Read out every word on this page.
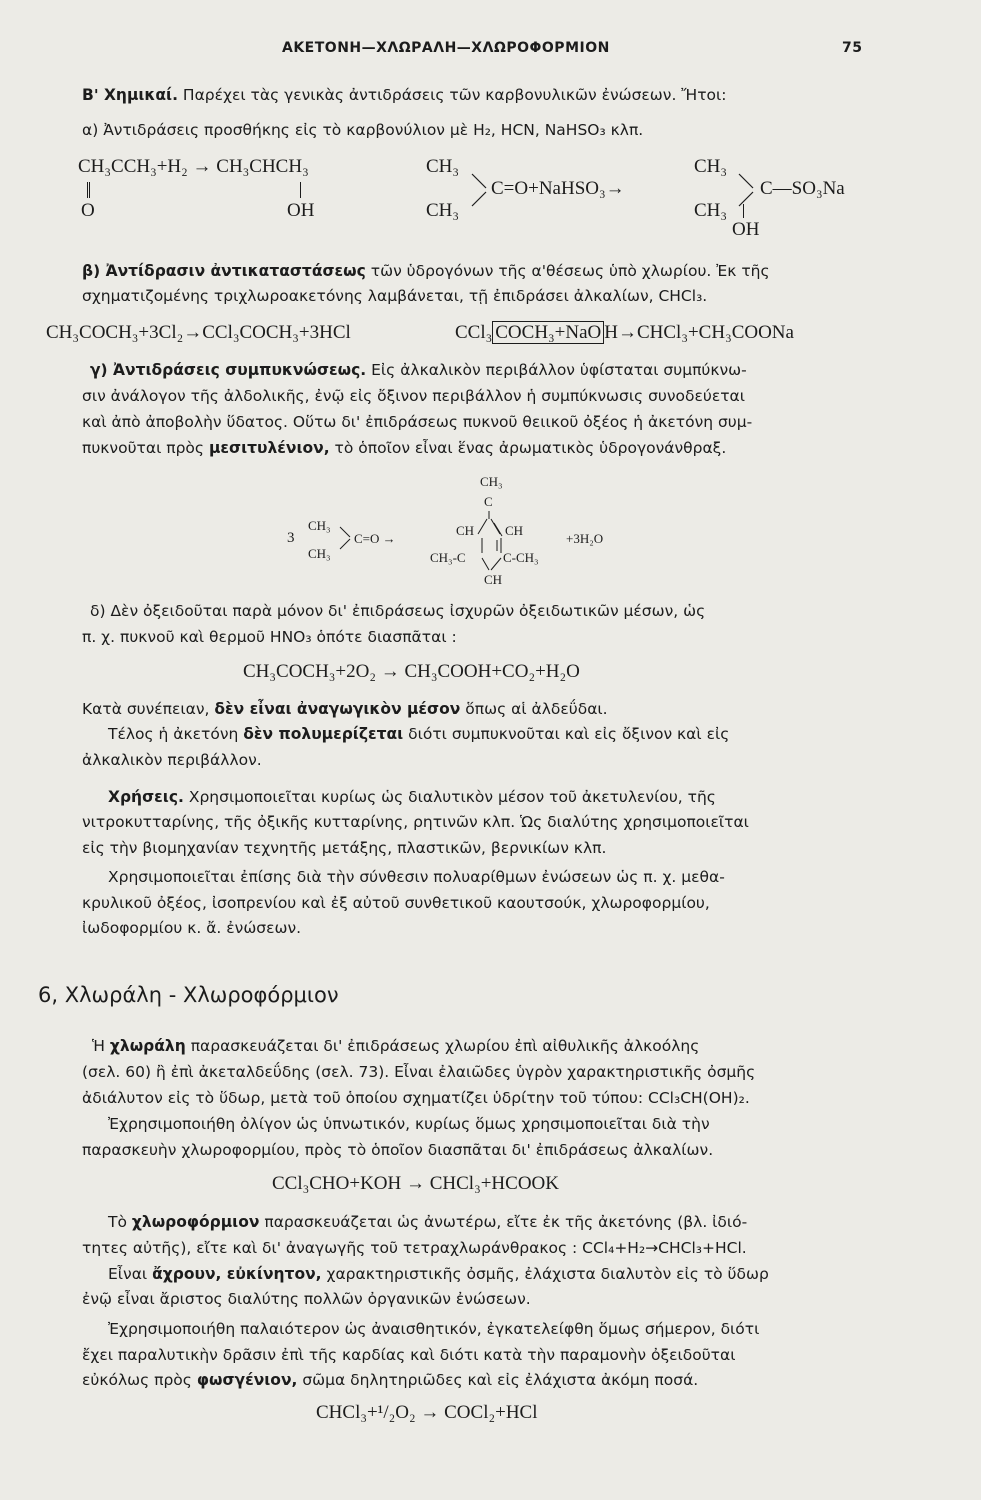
ΑΚΕΤΟΝΗ—ΧΛΩΡΑΛΗ—ΧΛΩΡΟΦΟΡΜΙΟΝ	75
Β' Χημικαί. Παρέχει τὰς γενικὰς ἀντιδράσεις τῶν καρβονυλικῶν ἐνώσεων. Ἤτοι:
α) Ἀντιδράσεις προσθήκης εἰς τὸ καρβονύλιον μὲ H₂, HCN, NaHSO₃ κλπ.
CH₃CCH₃+H₂ → CH₃CHCH₃
O	OH
CH₃
CH₃
C=O+NaHSO₃→
CH₃
CH₃
C—SO₃Na
OH
β) Ἀντίδρασιν ἀντικαταστάσεως τῶν ὑδρογόνων τῆς α'θέσεως ὑπὸ χλωρίου. Ἐκ τῆς
σχηματιζομένης τριχλωροακετόνης λαμβάνεται, τῇ ἐπιδράσει ἀλκαλίων, CHCl₃.
CH₃COCH₃+3Cl₂→CCl₃COCH₃+3HCl	CCl₃ COCH₃+NaO H→CHCl₃+CH₃COONa
γ) Ἀντιδράσεις συμπυκνώσεως. Εἰς ἀλκαλικὸν περιβάλλον ὑφίσταται συμπύκνω-
σιν ἀνάλογον τῆς ἀλδολικῆς, ἐνῷ εἰς ὄξινον περιβάλλον ἡ συμπύκνωσις συνοδεύεται
καὶ ἀπὸ ἀποβολὴν ὕδατος. Οὕτω δι' ἐπιδράσεως πυκνοῦ θειικοῦ ὀξέος ἡ ἀκετόνη συμ-
πυκνοῦται πρὸς μεσιτυλένιον, τὸ ὁποῖον εἶναι ἕνας ἀρωματικὸς ὑδρογονάνθραξ.
3
CH₃
CH₃
C=O →
CH₃
C
CH CH
CH₃-C	C-CH₃
CH
+3H₂O
δ) Δὲν ὀξειδοῦται παρὰ μόνον δι' ἐπιδράσεως ἰσχυρῶν ὀξειδωτικῶν μέσων, ὡς
π. χ. πυκνοῦ καὶ θερμοῦ HNO₃ ὁπότε διασπᾶται :
CH₃COCH₃+2O₂ → CH₃COOH+CO₂+H₂O
Κατὰ συνέπειαν, δὲν εἶναι ἀναγωγικὸν μέσον ὅπως αἱ ἀλδεΰδαι.
Τέλος ἡ ἀκετόνη δὲν πολυμερίζεται διότι συμπυκνοῦται καὶ εἰς ὄξινον καὶ εἰς
ἀλκαλικὸν περιβάλλον.
Χρήσεις. Χρησιμοποιεῖται κυρίως ὡς διαλυτικὸν μέσον τοῦ ἀκετυλενίου, τῆς
νιτροκυτταρίνης, τῆς ὀξικῆς κυτταρίνης, ρητινῶν κλπ. Ὡς διαλύτης χρησιμοποιεῖται
εἰς τὴν βιομηχανίαν τεχνητῆς μετάξης, πλαστικῶν, βερνικίων κλπ.
Χρησιμοποιεῖται ἐπίσης διὰ τὴν σύνθεσιν πολυαρίθμων ἐνώσεων ὡς π. χ. μεθα-
κρυλικοῦ ὀξέος, ἰσοπρενίου καὶ ἐξ αὐτοῦ συνθετικοῦ καουτσούκ, χλωροφορμίου,
ἰωδοφορμίου κ. ἄ. ἐνώσεων.
6, Χλωράλη - Χλωροφόρμιον
Ἡ χλωράλη παρασκευάζεται δι' ἐπιδράσεως χλωρίου ἐπὶ αἰθυλικῆς ἀλκοόλης
(σελ. 60) ἢ ἐπὶ ἀκεταλδεΰδης (σελ. 73). Εἶναι ἐλαιῶδες ὑγρὸν χαρακτηριστικῆς ὀσμῆς
ἀδιάλυτον εἰς τὸ ὕδωρ, μετὰ τοῦ ὁποίου σχηματίζει ὑδρίτην τοῦ τύπου: CCl₃CH(OH)₂.
Ἐχρησιμοποιήθη ὀλίγον ὡς ὑπνωτικόν, κυρίως ὅμως χρησιμοποιεῖται διὰ τὴν
παρασκευὴν χλωροφορμίου, πρὸς τὸ ὁποῖον διασπᾶται δι' ἐπιδράσεως ἀλκαλίων.
CCl₃CHO+KOH → CHCl₃+HCOOK
Τὸ χλωροφόρμιον παρασκευάζεται ὡς ἀνωτέρω, εἴτε ἐκ τῆς ἀκετόνης (βλ. ἰδιό-
τητες αὐτῆς), εἴτε καὶ δι' ἀναγωγῆς τοῦ τετραχλωράνθρακος : CCl₄+H₂→CHCl₃+HCl.
Εἶναι ἄχρουν, εὐκίνητον, χαρακτηριστικῆς ὀσμῆς, ἐλάχιστα διαλυτὸν εἰς τὸ ὕδωρ
ἐνῷ εἶναι ἄριστος διαλύτης πολλῶν ὀργανικῶν ἐνώσεων.
Ἐχρησιμοποιήθη παλαιότερον ὡς ἀναισθητικόν, ἐγκατελείφθη ὅμως σήμερον, διότι
ἔχει παραλυτικὴν δρᾶσιν ἐπὶ τῆς καρδίας καὶ διότι κατὰ τὴν παραμονὴν ὀξειδοῦται
εὐκόλως πρὸς φωσγένιον, σῶμα δηλητηριῶδες καὶ εἰς ἐλάχιστα ἀκόμη ποσά.
CHCl₃+¹/₂O₂ → COCl₂+HCl
